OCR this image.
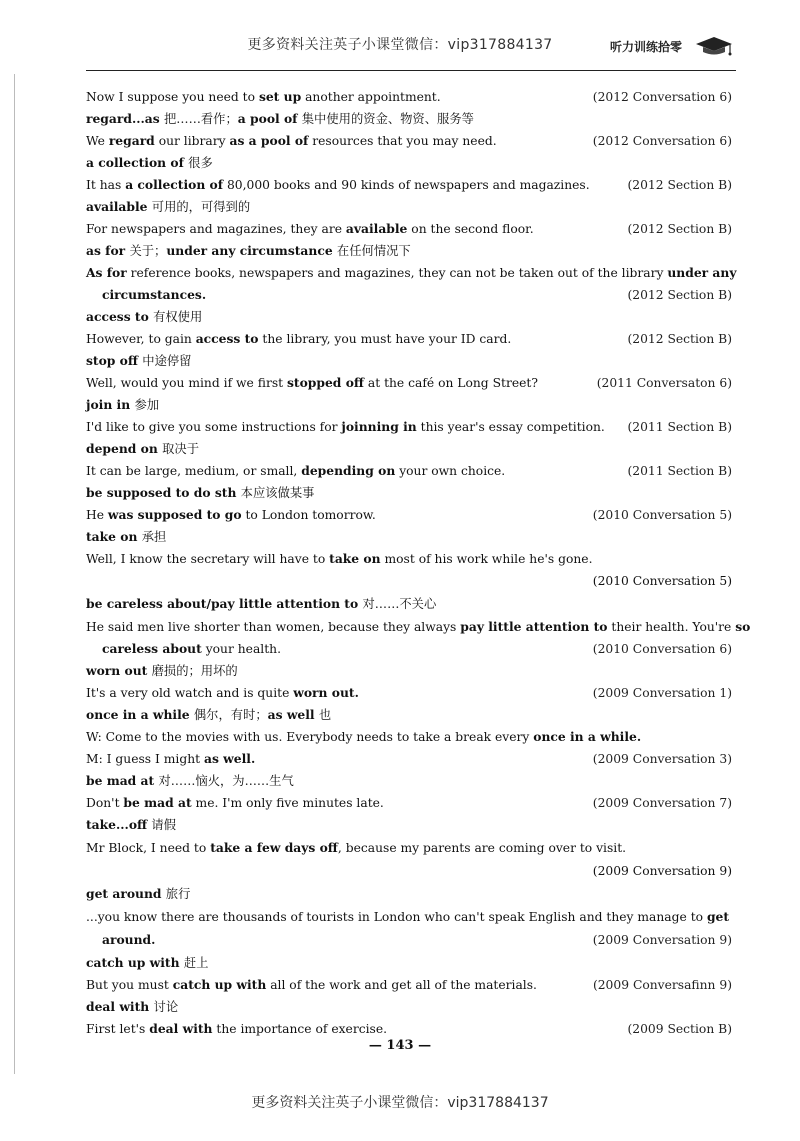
更多资料关注英子小课堂微信：vip317884137	听力训练拾零
Now I suppose you need to set up another appointment.	(2012 Conversation 6)
regard...as 把……看作；a pool of 集中使用的资金、物资、服务等
We regard our library as a pool of resources that you may need.	(2012 Conversation 6)
a collection of 很多
It has a collection of 80,000 books and 90 kinds of newspapers and magazines.	(2012 Section B)
available 可用的，可得到的
For newspapers and magazines, they are available on the second floor.	(2012 Section B)
as for 关于；under any circumstance 在任何情况下
As for reference books, newspapers and magazines, they can not be taken out of the library under any
circumstances.	(2012 Section B)
access to 有权使用
However, to gain access to the library, you must have your ID card.	(2012 Section B)
stop off 中途停留
Well, would you mind if we first stopped off at the café on Long Street?	(2011 Conversaton 6)
join in 参加
I'd like to give you some instructions for joinning in this year's essay competition. (2011 Section B)
depend on 取决于
It can be large, medium, or small, depending on your own choice.	(2011 Section B)
be supposed to do sth 本应该做某事
He was supposed to go to London tomorrow.	(2010 Conversation 5)
take on 承担
Well, I know the secretary will have to take on most of his work while he's gone.
(2010 Conversation 5)
be careless about/pay little attention to 对……不关心
He said men live shorter than women, because they always pay little attention to their health. You're so
careless about your health.	(2010 Conversation 6)
worn out 磨损的；用坏的
It's a very old watch and is quite worn out.	(2009 Conversation 1)
once in a while 偶尔，有时；as well 也
W: Come to the movies with us. Everybody needs to take a break every once in a while.
M: I guess I might as well.	(2009 Conversation 3)
be mad at 对……恼火，为……生气
Don't be mad at me. I'm only five minutes late.	(2009 Conversation 7)
take...off 请假
Mr Block, I need to take a few days off, because my parents are coming over to visit.
(2009 Conversation 9)
get around 旅行
...you know there are thousands of tourists in London who can't speak English and they manage to get
around.	(2009 Conversation 9)
catch up with 赶上
But you must catch up with all of the work and get all of the materials.	(2009 Conversafinn 9)
deal with 讨论
First let's deal with the importance of exercise.	(2009 Section B)
— 143 —
更多资料关注英子小课堂微信：vip317884137
